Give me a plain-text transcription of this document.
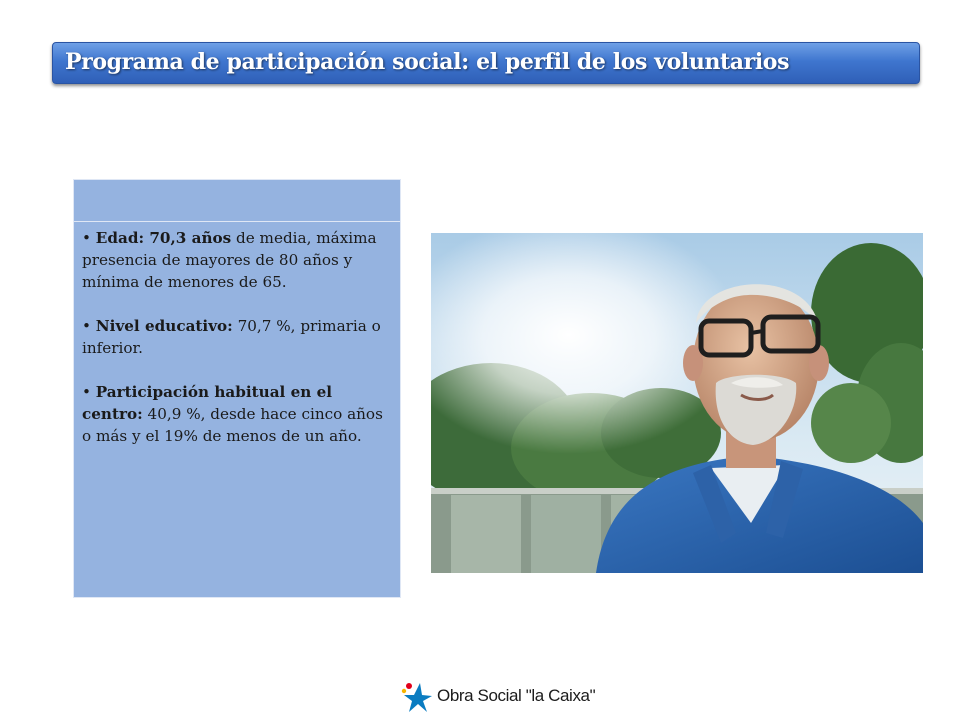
Programa de participación social: el perfil de los voluntarios
• Edad: 70,3 años de media, máxima presencia de mayores de 80 años y mínima de menores de 65.
• Nivel educativo: 70,7 %, primaria o inferior.
• Participación habitual en el centro: 40,9 %, desde hace cinco años o más y el 19% de menos de un año.
Obra Social "la Caixa"
